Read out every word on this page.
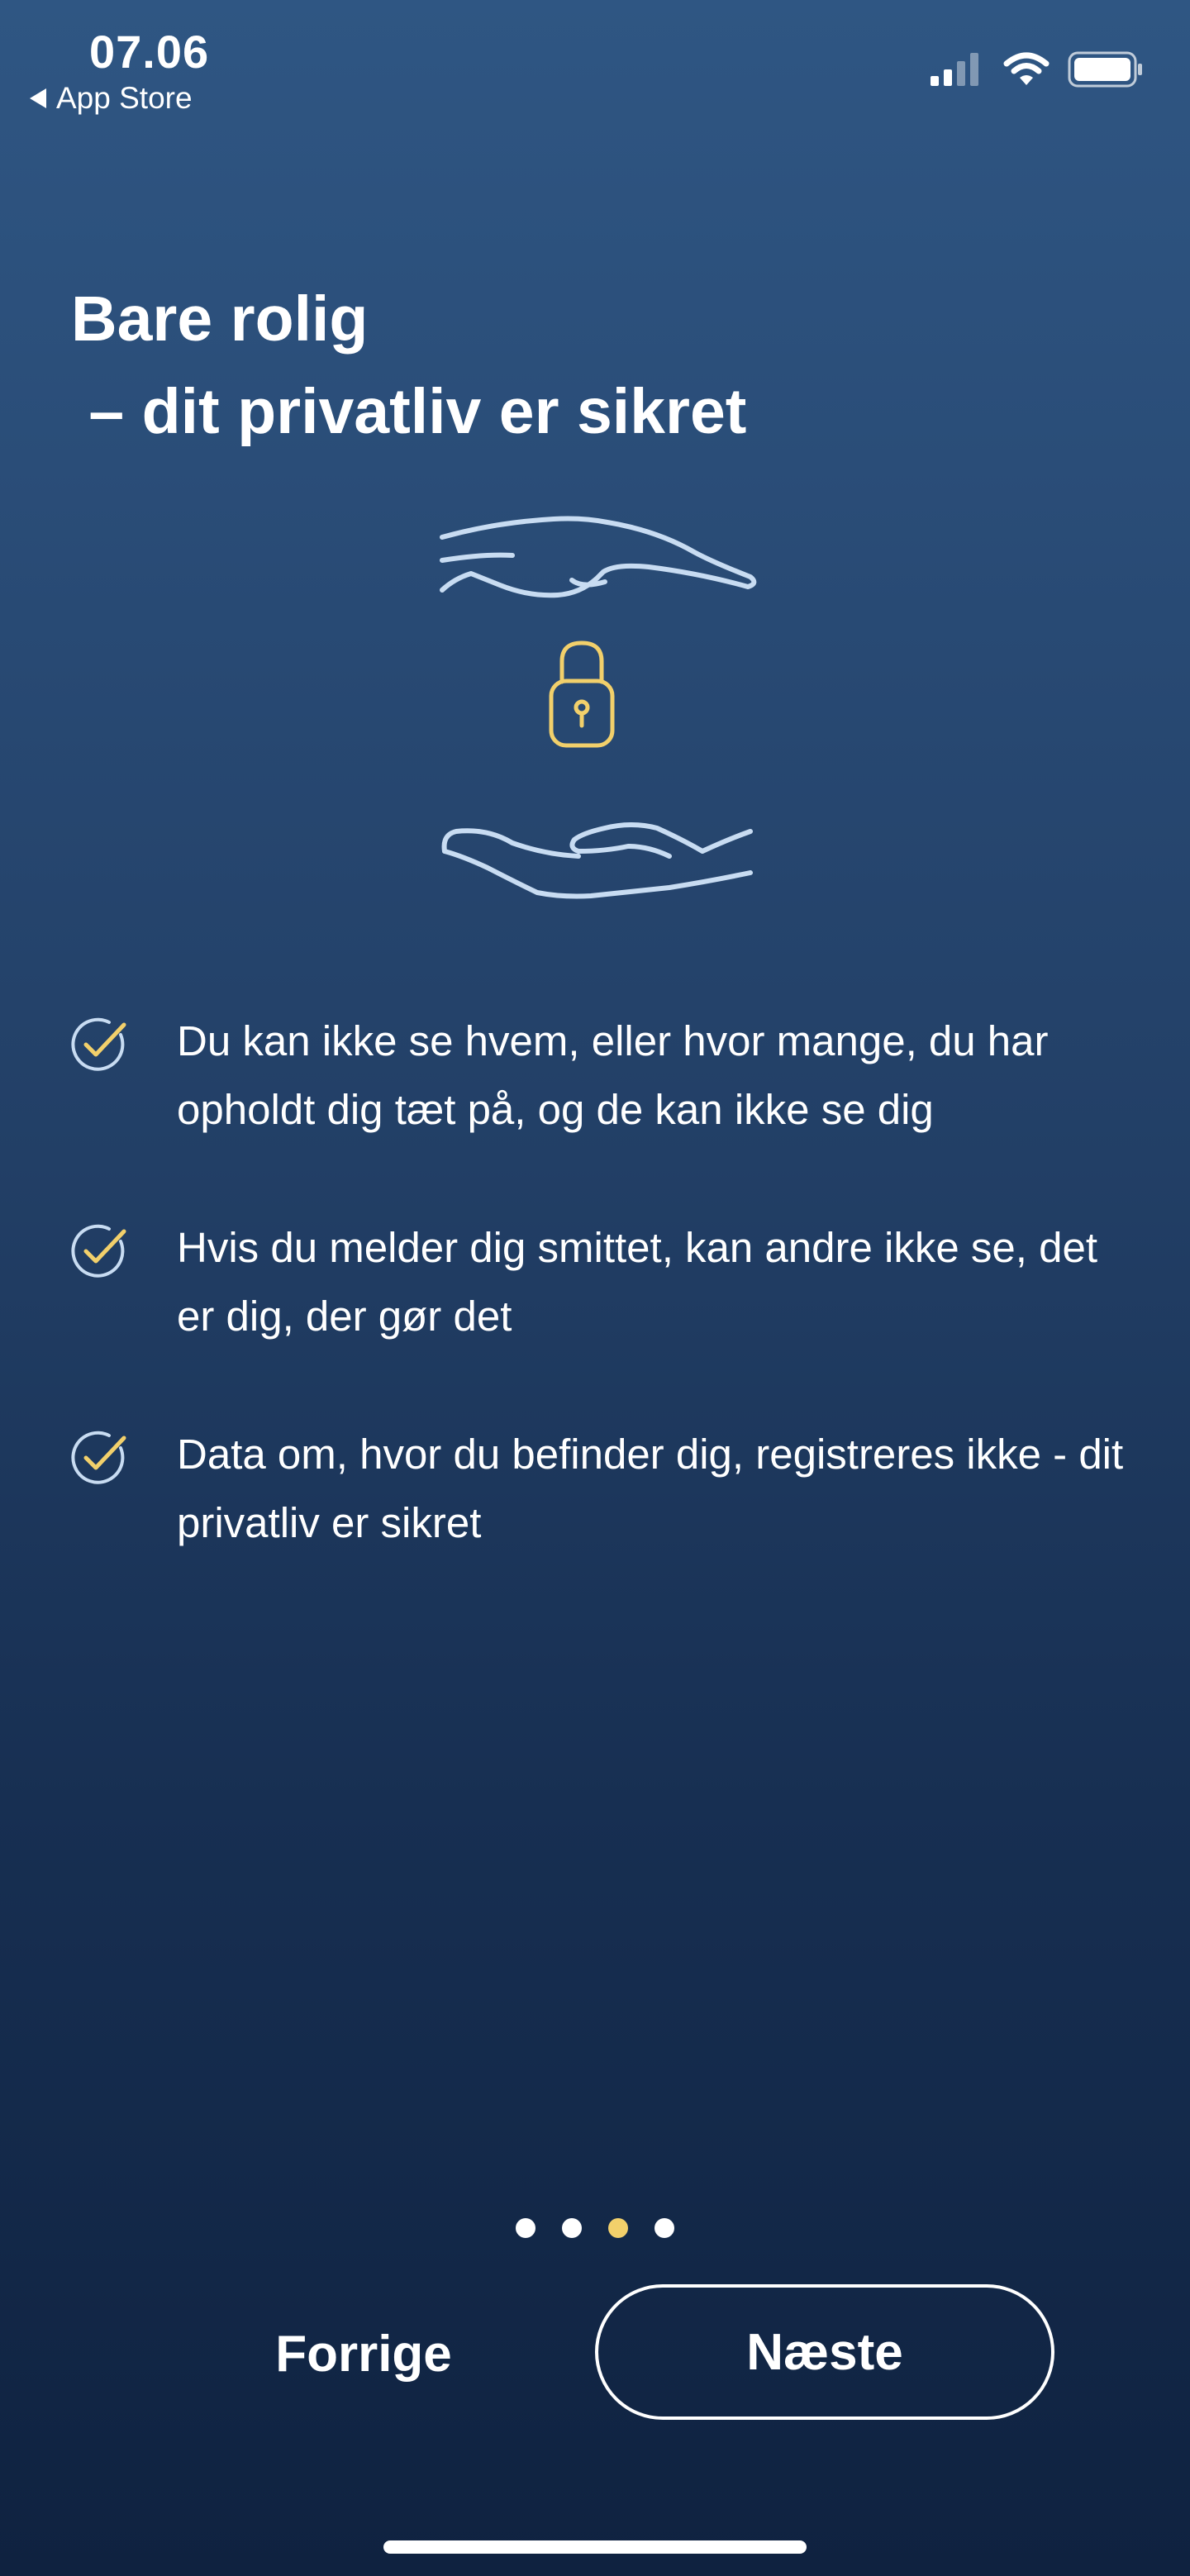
07.06
App Store
Bare rolig
– dit privatliv er sikret
Du kan ikke se hvem, eller hvor mange, du har opholdt dig tæt på, og de kan ikke se dig
Hvis du melder dig smittet, kan andre ikke se, det er dig, der gør det
Data om, hvor du befinder dig, registreres ikke - dit privatliv er sikret
Forrige	Næste
